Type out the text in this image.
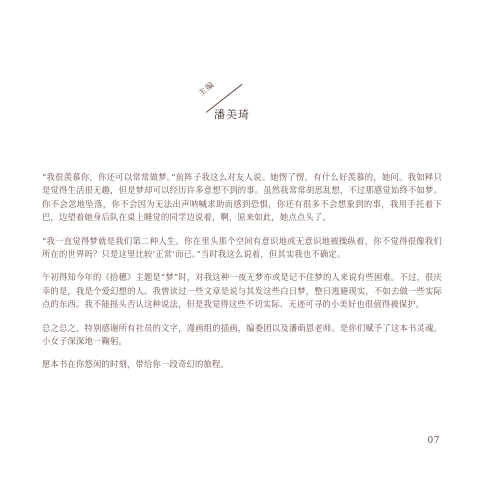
主编
潘美琦

“我很羡慕你，你还可以常常做梦。”前阵子我这么对友人说。她愣了愣，有什么好羡慕的，她问。我如释只是觉得生活很无趣，但是梦却可以经历许多意想不到的事。虽然我常常胡思乱想，不过那感觉始终不如梦。你不会忽地坠落，你不会因为无法出声呐喊求助而感到恐惧，你还有很多不会想象到的事，我用手托着下巴，边望着她身后队在桌上睡觉的同学边说着，啊，原来如此，她点点头了。

“我一直觉得梦就是我们第二种人生。你在里头那个空间有意识地或无意识地被操纵着，你不觉得很像我们所在的世界吗？只是这里比较‘正常’而已。”当时我这么说着，但其实我也不确定。

午初得知今年的《拾穗》主题是“梦”时，对我这种一夜无梦亦或是记不住梦的人来说有些困难。不过，很庆幸的是，我是个爱幻想的人。我曾读过一些文章是说与其发这些白日梦，整日逃避现实，不如去做一些实际点的东西。我不能摇头否认这种说法，但是我觉得这些不切实际、无迹可寻的小美好也很值得被保护。

总之总之，特别感谢所有社员的文字，漫画组的插画，编委团以及潘萌恩老师。是你们赋予了这本书灵魂。小女子深深地一鞠躬。

愿本书在你悠闲的时刻，带给你一段奇幻的旅程。

07
